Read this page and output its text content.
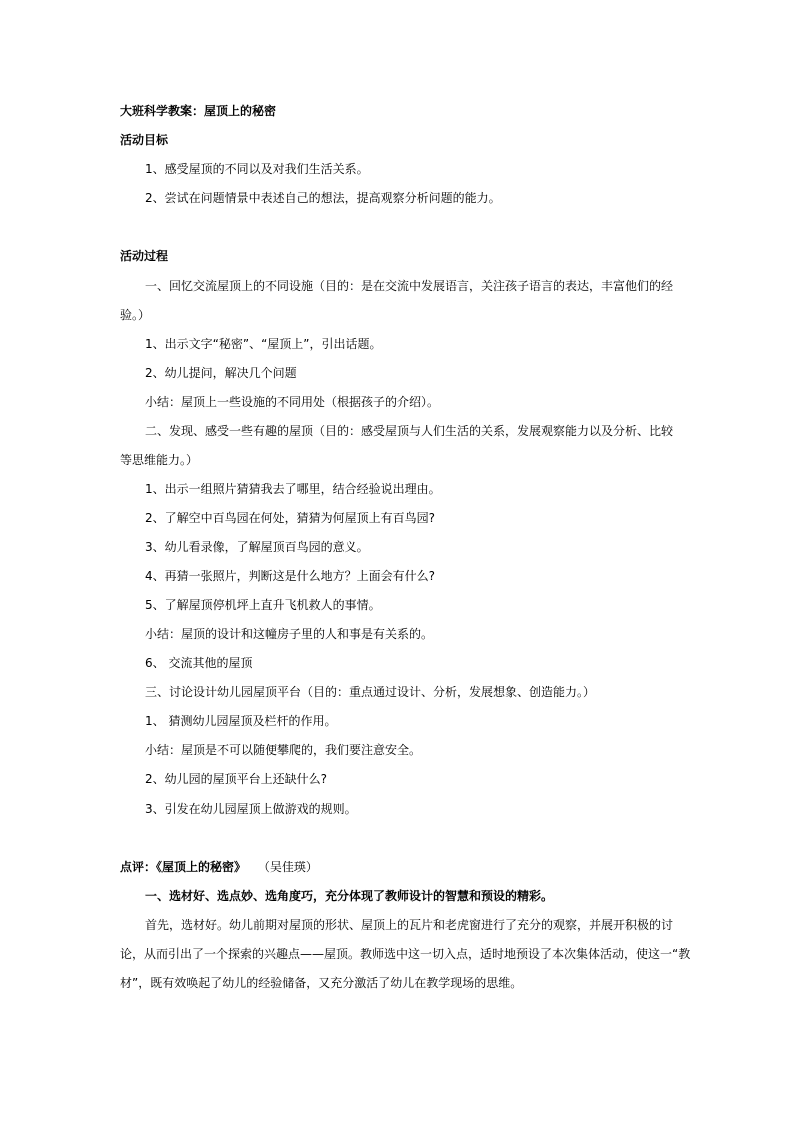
大班科学教案：屋顶上的秘密
活动目标
1、感受屋顶的不同以及对我们生活关系。
2、尝试在问题情景中表述自己的想法，提高观察分析问题的能力。
活动过程
一、回忆交流屋顶上的不同设施（目的：是在交流中发展语言，关注孩子语言的表达，丰富他们的经
验。）
1、出示文字“秘密”、“屋顶上”，引出话题。
2、幼儿提问，解决几个问题
小结：屋顶上一些设施的不同用处（根据孩子的介绍）。
二、发现、感受一些有趣的屋顶（目的：感受屋顶与人们生活的关系，发展观察能力以及分析、比较
等思维能力。）
1、出示一组照片猜猜我去了哪里，结合经验说出理由。
2、了解空中百鸟园在何处，猜猜为何屋顶上有百鸟园?
3、幼儿看录像，了解屋顶百鸟园的意义。
4、再猜一张照片，判断这是什么地方？上面会有什么?
5、了解屋顶停机坪上直升飞机救人的事情。
小结：屋顶的设计和这幢房子里的人和事是有关系的。
6、 交流其他的屋顶
三、讨论设计幼儿园屋顶平台（目的：重点通过设计、分析，发展想象、创造能力。）
1、 猜测幼儿园屋顶及栏杆的作用。
小结：屋顶是不可以随便攀爬的，我们要注意安全。
2、幼儿园的屋顶平台上还缺什么?
3、引发在幼儿园屋顶上做游戏的规则。
点评：《屋顶上的秘密》 （吴佳瑛）
一、选材好、选点妙、选角度巧，充分体现了教师设计的智慧和预设的精彩。
首先，选材好。幼儿前期对屋顶的形状、屋顶上的瓦片和老虎窗进行了充分的观察，并展开积极的讨
论，从而引出了一个探索的兴趣点——屋顶。教师选中这一切入点，适时地预设了本次集体活动，使这一“教
材”，既有效唤起了幼儿的经验储备，又充分激活了幼儿在教学现场的思维。
